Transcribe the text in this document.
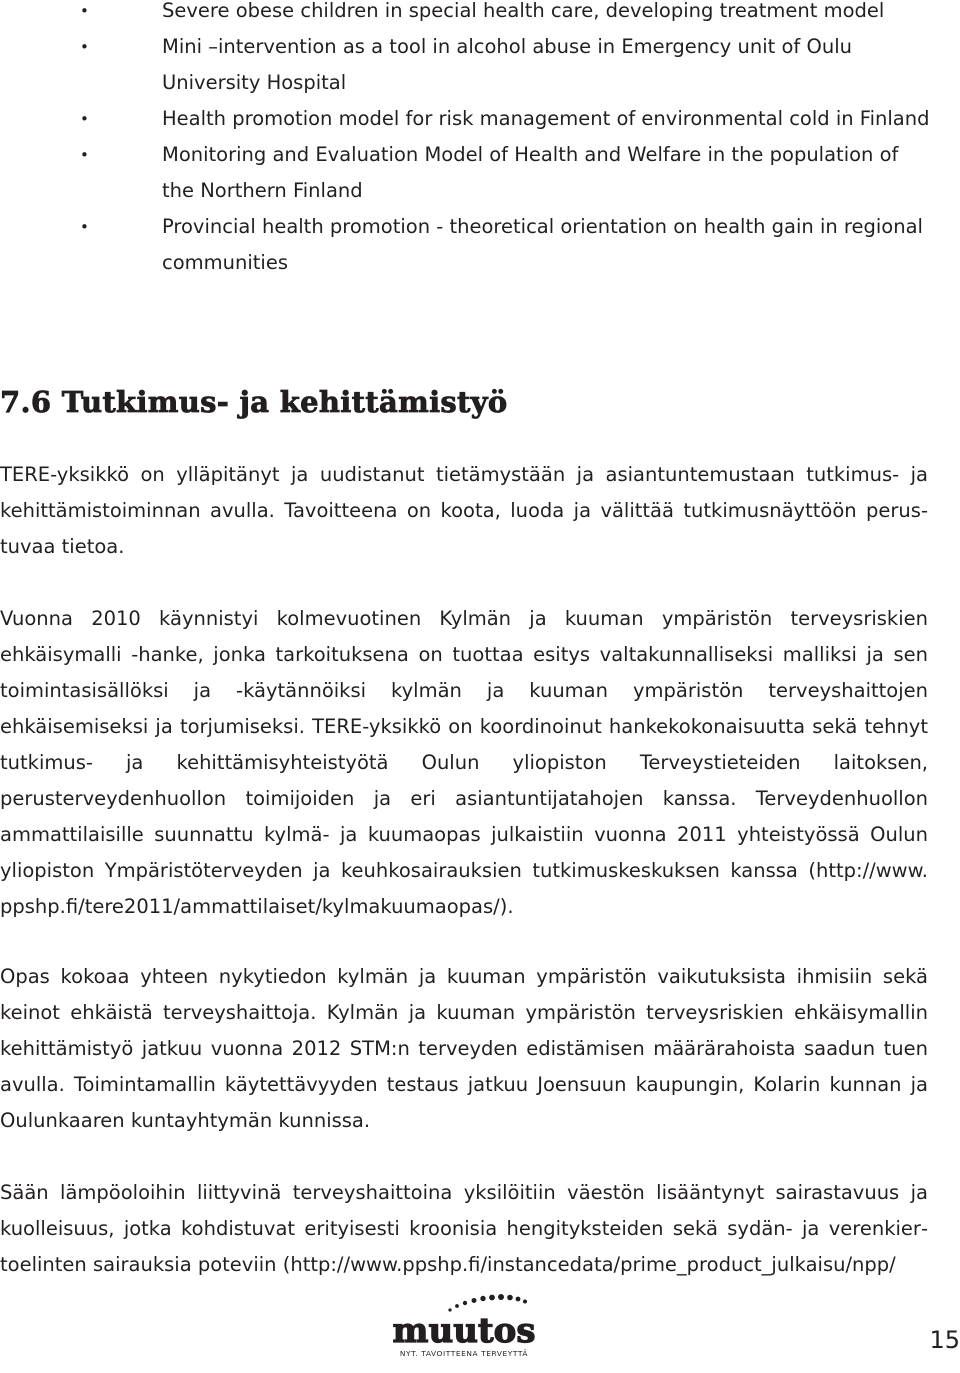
• Severe obese children in special health care, developing treatment model
• Mini –intervention as a tool in alcohol abuse in Emergency unit of Oulu University Hospital
• Health promotion model for risk management of environmental cold in Finland
• Monitoring and Evaluation Model of Health and Welfare in the population of the Northern Finland
• Provincial health promotion - theoretical orientation on health gain in regional communities
7.6 Tutkimus- ja kehittämistyö

TERE-yksikkö on ylläpitänyt ja uudistanut tietämystään ja asiantuntemustaan tutkimus- ja kehittämistoiminnan avulla. Tavoitteena on koota, luoda ja välittää tutkimusnäyttöön perustuvaa tietoa.

Vuonna 2010 käynnistyi kolmevuotinen Kylmän ja kuuman ympäristön terveysriskien ehkäisymalli -hanke, jonka tarkoituksena on tuottaa esitys valtakunnalliseksi malliksi ja sen toimintasisällöksi ja -käytännöiksi kylmän ja kuuman ympäristön terveyshaittojen ehkäisemiseksi ja torjumiseksi. TERE-yksikkö on koordinoinut hankekokonaisuutta sekä tehnyt tutkimus- ja kehittämisyhteistyötä Oulun yliopiston Terveystieteiden laitoksen, perusterveydenhuollon toimijoiden ja eri asiantuntijatahojen kanssa. Terveydenhuollon ammattilaisille suunnattu kylmä- ja kuumaopas julkaistiin vuonna 2011 yhteistyössä Oulun yliopiston Ympäristöterveyden ja keuhkosairauksien tutkimuskeskuksen kanssa (http://www. ppshp.fi/tere2011/ammattilaiset/kylmakuumaopas/).

Opas kokoaa yhteen nykytiedon kylmän ja kuuman ympäristön vaikutuksista ihmisiin sekä keinot ehkäistä terveyshaittoja. Kylmän ja kuuman ympäristön terveysriskien ehkäisymallin kehittämistyö jatkuu vuonna 2012 STM:n terveyden edistämisen määrärahoista saadun tuen avulla. Toimintamallin käytettävyyden testaus jatkuu Joensuun kaupungin, Kolarin kunnan ja Oulunkaaren kuntayhtymän kunnissa.

Sään lämpöoloihin liittyvinä terveyshaittoina yksilöitiin väestön lisääntynyt sairastavuus ja kuolleisuus, jotka kohdistuvat erityisesti kroonisia hengityksteiden sekä sydän- ja verenkiertoelinten sairauksia poteviin (http://www.ppshp.fi/instancedata/prime_product_julkaisu/npp/

muutos
NYT. TAVOITTEENA TERVEYTTÄ	15
